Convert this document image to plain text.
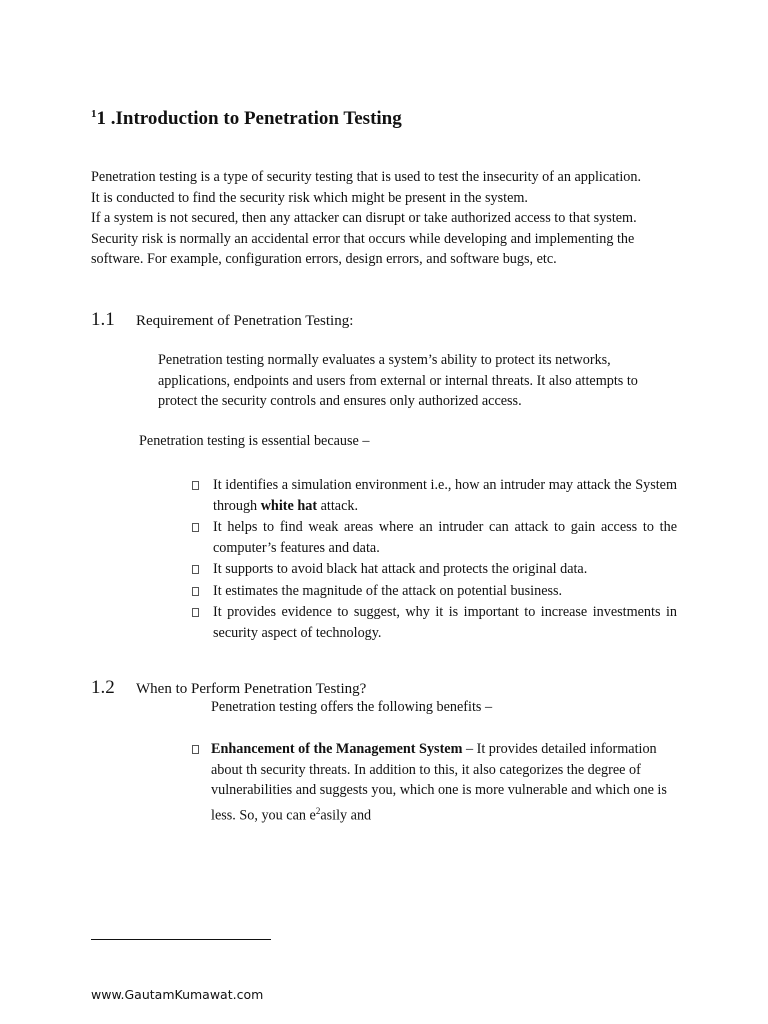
$^1$1 .Introduction to Penetration Testing

Penetration testing is a type of security testing that is used to test the insecurity of an application.
It is conducted to find the security risk which might be present in the system.
If a system is not secured, then any attacker can disrupt or take authorized access to that system.
Security risk is normally an accidental error that occurs while developing and implementing the
software. For example, configuration errors, design errors, and software bugs, etc.

1.1 Requirement of Penetration Testing:

Penetration testing normally evaluates a system’s ability to protect its networks,
applications, endpoints and users from external or internal threats. It also attempts to
protect the security controls and ensures only authorized access.

Penetration testing is essential because –

It identifies a simulation environment i.e., how an intruder may attack the System through white hat attack.
It helps to find weak areas where an intruder can attack to gain access to the computer’s features and data.
It supports to avoid black hat attack and protects the original data.
It estimates the magnitude of the attack on potential business.
It provides evidence to suggest, why it is important to increase investments in security aspect of technology.
1.2 When to Perform Penetration Testing?

Penetration testing offers the following benefits –

Enhancement of the Management System – It provides detailed information about th security threats. In addition to this, it also categorizes the degree of vulnerabilities and suggests you, which one is more vulnerable and which one is less. So, you can $e^2asily$ and
www.GautamKumawat.com
